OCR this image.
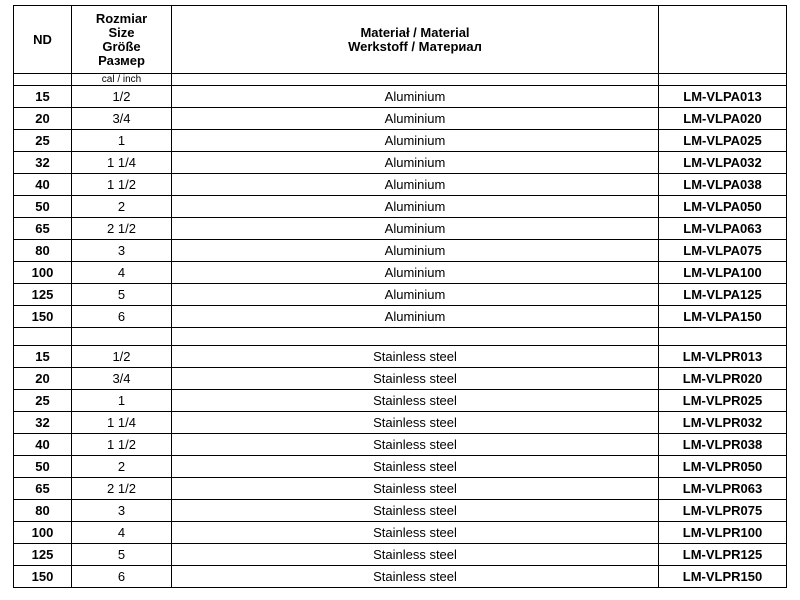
ND	Rozmiar
Size
Größe
Размер	Materiał / Material
Werkstoff / Материал	

	cal / inch		
15	1/2	Aluminium	LM-VLPA013
20	3/4	Aluminium	LM-VLPA020
25	1	Aluminium	LM-VLPA025
32	1 1/4	Aluminium	LM-VLPA032
40	1 1/2	Aluminium	LM-VLPA038
50	2	Aluminium	LM-VLPA050
65	2 1/2	Aluminium	LM-VLPA063
80	3	Aluminium	LM-VLPA075
100	4	Aluminium	LM-VLPA100
125	5	Aluminium	LM-VLPA125
150	6	Aluminium	LM-VLPA150

15	1/2	Stainless steel	LM-VLPR013
20	3/4	Stainless steel	LM-VLPR020
25	1	Stainless steel	LM-VLPR025
32	1 1/4	Stainless steel	LM-VLPR032
40	1 1/2	Stainless steel	LM-VLPR038
50	2	Stainless steel	LM-VLPR050
65	2 1/2	Stainless steel	LM-VLPR063
80	3	Stainless steel	LM-VLPR075
100	4	Stainless steel	LM-VLPR100
125	5	Stainless steel	LM-VLPR125
150	6	Stainless steel	LM-VLPR150
